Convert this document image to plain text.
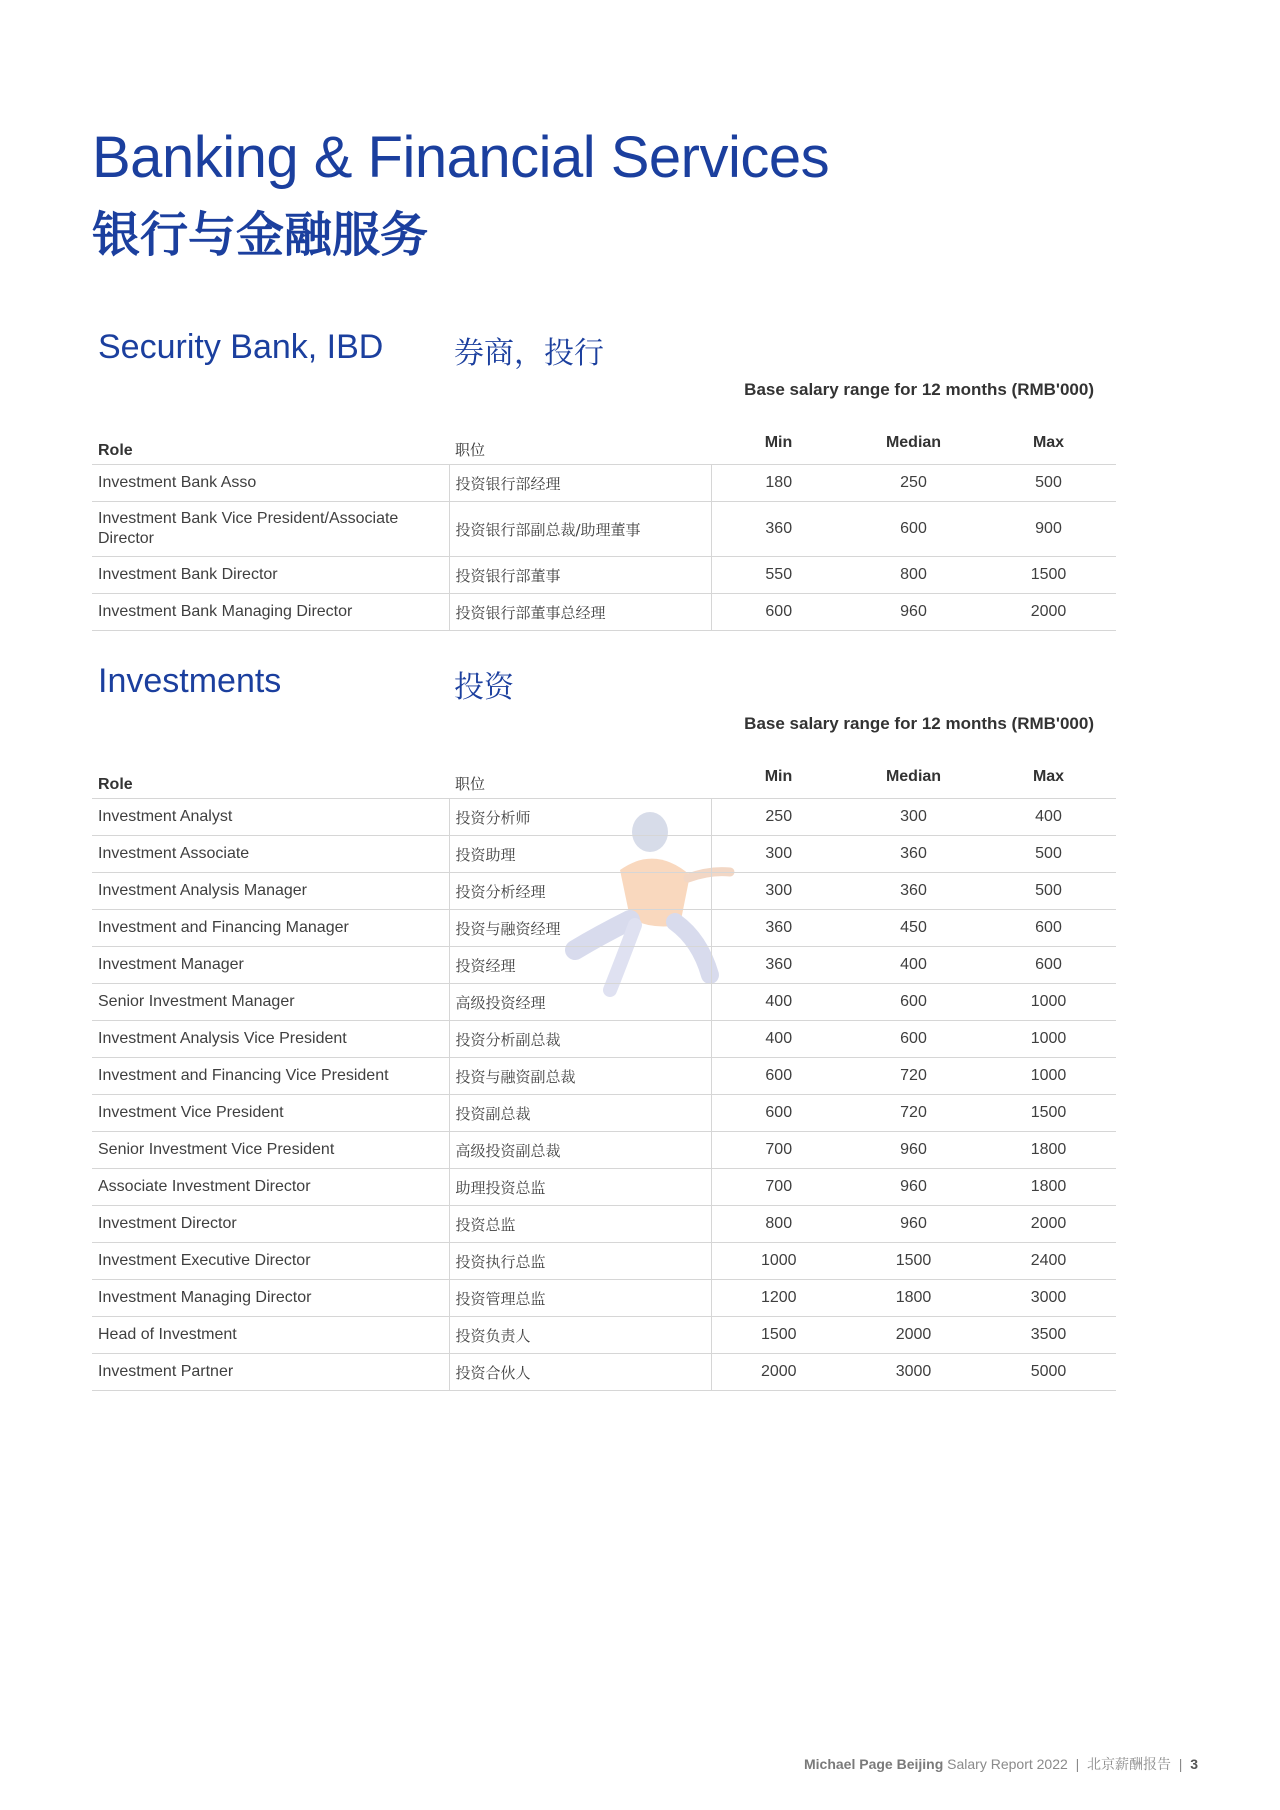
Banking & Financial Services
银行与金融服务
Security Bank, IBD 券商，投行
Base salary range for 12 months (RMB'000)
Role	职位	Min	Median	Max
Investment Bank Asso	投资银行部经理	180	250	500
Investment Bank Vice President/Associate Director	投资银行部副总裁/助理董事	360	600	900
Investment Bank Director	投资银行部董事	550	800	1500
Investment Bank Managing Director	投资银行部董事总经理	600	960	2000
Investments	投资
Base salary range for 12 months (RMB'000)
Role	职位	Min	Median	Max
Investment Analyst	投资分析师	250	300	400
Investment Associate	投资助理	300	360	500
Investment Analysis Manager	投资分析经理	300	360	500
Investment and Financing Manager	投资与融资经理	360	450	600
Investment Manager	投资经理	360	400	600
Senior Investment Manager	高级投资经理	400	600	1000
Investment Analysis Vice President	投资分析副总裁	400	600	1000
Investment and Financing Vice President	投资与融资副总裁	600	720	1000
Investment Vice President	投资副总裁	600	720	1500
Senior Investment Vice President	高级投资副总裁	700	960	1800
Associate Investment Director	助理投资总监	700	960	1800
Investment Director	投资总监	800	960	2000
Investment Executive Director	投资执行总监	1000	1500	2400
Investment Managing Director	投资管理总监	1200	1800	3000
Head of Investment	投资负责人	1500	2000	3500
Investment Partner	投资合伙人	2000	3000	5000
Michael Page Beijing Salary Report 2022 | 北京薪酬报告 | 3
